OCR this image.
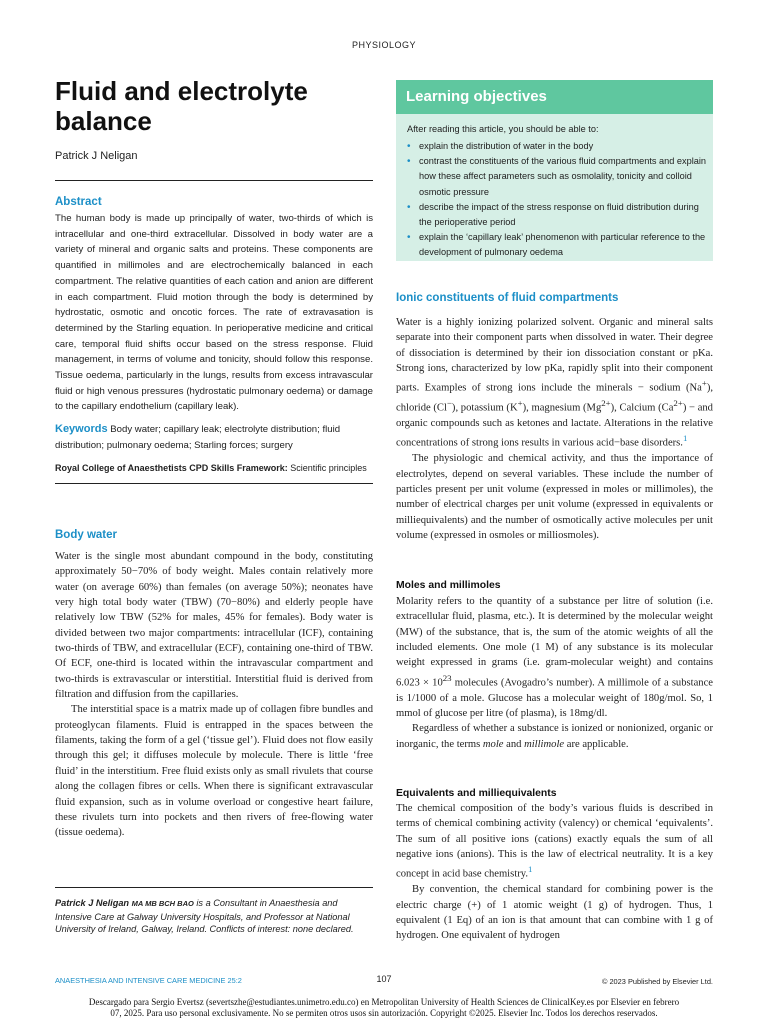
PHYSIOLOGY
Fluid and electrolyte
balance
Patrick J Neligan
Abstract
The human body is made up principally of water, two-thirds of which is intracellular and one-third extracellular. Dissolved in body water are a variety of mineral and organic salts and proteins. These components are quantified in millimoles and are electrochemically balanced in each compartment. The relative quantities of each cation and anion are different in each compartment. Fluid motion through the body is determined by hydrostatic, osmotic and oncotic forces. The rate of extravasation is determined by the Starling equation. In perioperative medicine and critical care, temporal fluid shifts occur based on the stress response. Fluid management, in terms of volume and tonicity, should follow this response. Tissue oedema, particularly in the lungs, results from excess intravascular fluid or high venous pressures (hydrostatic pulmonary oedema) or damage to the capillary endothelium (capillary leak).
Keywords Body water; capillary leak; electrolyte distribution; fluid distribution; pulmonary oedema; Starling forces; surgery
Royal College of Anaesthetists CPD Skills Framework: Scientific principles
Learning objectives
After reading this article, you should be able to:
• explain the distribution of water in the body
• contrast the constituents of the various fluid compartments and explain how these affect parameters such as osmolality, tonicity and colloid osmotic pressure
• describe the impact of the stress response on fluid distribution during the perioperative period
• explain the ‘capillary leak’ phenomenon with particular reference to the development of pulmonary oedema
Body water

Water is the single most abundant compound in the body, constituting approximately 50−70% of body weight. Males contain relatively more water (on average 60%) than females (on average 50%); neonates have very high total body water (TBW) (70−80%) and elderly people have relatively low TBW (52% for males, 45% for females). Body water is divided between two major compartments: intracellular (ICF), containing two-thirds of TBW, and extracellular (ECF), containing one-third of TBW. Of ECF, one-third is located within the intravascular compartment and two-thirds is extravascular or interstitial. Interstitial fluid is derived from filtration and diffusion from the capillaries.

The interstitial space is a matrix made up of collagen fibre bundles and proteoglycan filaments. Fluid is entrapped in the spaces between the filaments, taking the form of a gel (‘tissue gel’). Fluid does not flow easily through this gel; it diffuses molecule by molecule. There is little ‘free fluid’ in the interstitium. Free fluid exists only as small rivulets that course along the collagen fibres or cells. When there is significant extravascular fluid expansion, such as in volume overload or congestive heart failure, these rivulets turn into pockets and then rivers of free-flowing water (tissue oedema).

Patrick J Neligan MA MB BCH BAO is a Consultant in Anaesthesia and Intensive Care at Galway University Hospitals, and Professor at National University of Ireland, Galway, Ireland. Conflicts of interest: none declared.
Ionic constituents of fluid compartments

Water is a highly ionizing polarized solvent. Organic and mineral salts separate into their component parts when dissolved in water. Their degree of dissociation is determined by their ion dissociation constant or pKa. Strong ions, characterized by low pKa, rapidly split into their component parts. Examples of strong ions include the minerals − sodium (Na+), chloride (Cl−), potassium (K+), magnesium $(Mg^{2+})$, Calcium $(Ca^{2+})$ − and organic compounds such as ketones and lactate. Alterations in the relative concentrations of strong ions results in various acid−base disorders.$^1$

The physiologic and chemical activity, and thus the importance of electrolytes, depend on several variables. These include the number of particles present per unit volume (expressed in moles or millimoles), the number of electrical charges per unit volume (expressed in equivalents or milliequivalents) and the number of osmotically active molecules per unit volume (expressed in osmoles or milliosmoles).

Moles and millimoles

Molarity refers to the quantity of a substance per litre of solution (i.e. extracellular fluid, plasma, etc.). It is determined by the molecular weight (MW) of the substance, that is, the sum of the atomic weights of all the included elements. One mole (1 M) of any substance is its molecular weight expressed in grams (i.e. gram-molecular weight) and contains $6.023 \times 10^{23}$ molecules (Avogadro’s number). A millimole of a substance is 1/1000 of a mole. Glucose has a molecular weight of 180g/mol. So, 1 mmol of glucose per litre (of plasma), is 18mg/dl.

Regardless of whether a substance is ionized or nonionized, organic or inorganic, the terms mole and millimole are applicable.

Equivalents and milliequivalents

The chemical composition of the body’s various fluids is described in terms of chemical combining activity (valency) or chemical ‘equivalents’. The sum of all positive ions (cations) exactly equals the sum of all negative ions (anions). This is the law of electrical neutrality. It is a key concept in acid base chemistry.$^1$

By convention, the chemical standard for combining power is the electric charge (+) of 1 atomic weight (1 g) of hydrogen. Thus, 1 equivalent (1 Eq) of an ion is that amount that can combine with 1 g of hydrogen. One equivalent of hydrogen

ANAESTHESIA AND INTENSIVE CARE MEDICINE 25:2	107	© 2023 Published by Elsevier Ltd.
Descargado para Sergio Evertsz (severtszhe@estudiantes.unimetro.edu.co) en Metropolitan University of Health Sciences de ClinicalKey.es por Elsevier en febrero
07, 2025. Para uso personal exclusivamente. No se permiten otros usos sin autorización. Copyright ©2025. Elsevier Inc. Todos los derechos reservados.
